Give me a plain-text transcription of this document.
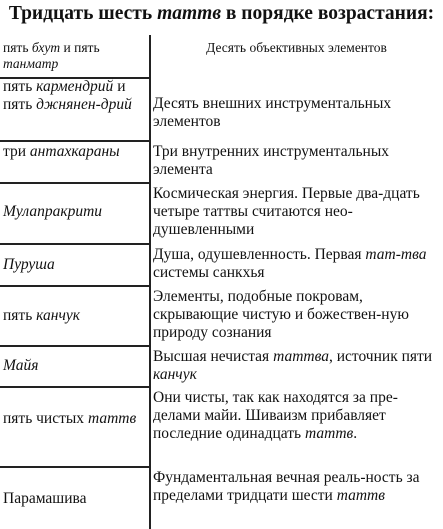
Тридцать шесть таттв в порядке возрастания:
пять бхут и пять танматр
Десять объективных элементов
пять кармендрий и пять джнянен-дрий	Десять внешних инструментальных элементов
три антахкараны	Три внутренних инструментальных элемента
Мулапракрити
Космическая энергия. Первые два-дцать четыре таттвы считаются нео-душевленными
Пуруша
Душа, одушевленность. Первая тат-тва системы санкхья
пять канчук
Элементы, подобные покровам, скрывающие чистую и божествен-ную природу сознания
Майя
Высшая нечистая таттва, источник пяти канчук
пять чистых таттв
Они чисты, так как находятся за пре-делами майи. Шиваизм прибавляет последние одинадцать таттв.
Парамашива
Фундаментальная вечная реаль-ность за пределами тридцати шести таттв
